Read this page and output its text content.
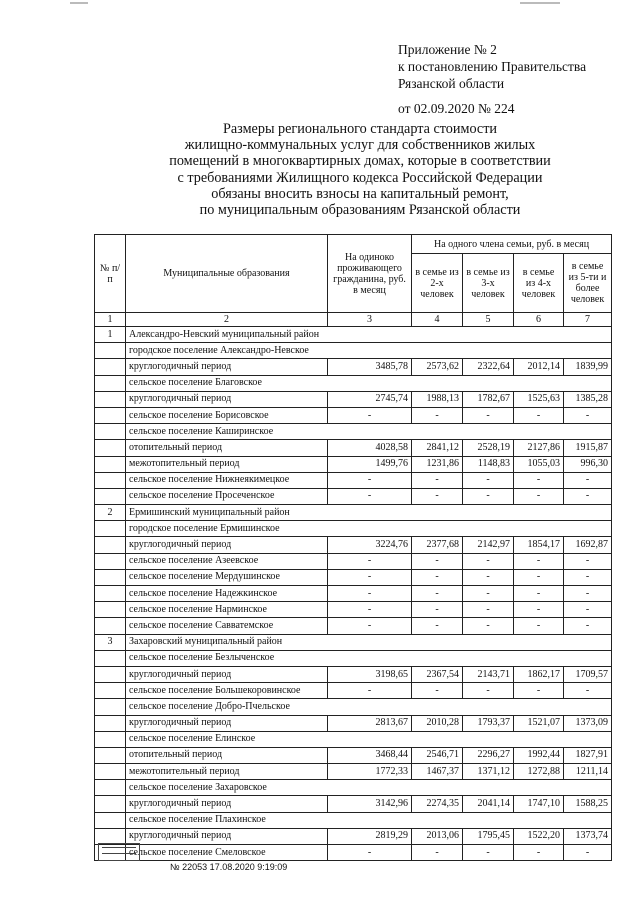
Приложение № 2
к постановлению Правительства
Рязанской области
от 02.09.2020 № 224
Размеры регионального стандарта стоимости
жилищно-коммунальных услуг для собственников жилых
помещений в многоквартирных домах, которые в соответствии
с требованиями Жилищного кодекса Российской Федерации
обязаны вносить взносы на капитальный ремонт,
по муниципальным образованиям Рязанской области
№ п/п	Муниципальные образования	На одиноко проживающего гражданина, руб. в месяц	На одного члена семьи, руб. в месяц			
			в семье из 2-х человек	в семье из 3-х человек	в семье из 4-х человек	в семье из 5-ти и более человек
1	2	3	4	5	6	7
1	Александро-Невский муниципальный район					
	городское поселение Александро-Невское					
	круглогодичный период	3485,78	2573,62	2322,64	2012,14	1839,99
	сельское поселение Благовское					
	круглогодичный период	2745,74	1988,13	1782,67	1525,63	1385,28
	сельское поселение Борисовское	-	-	-	-	-
	сельское поселение Каширинское					
	отопительный период	4028,58	2841,12	2528,19	2127,86	1915,87
	межотопительный период	1499,76	1231,86	1148,83	1055,03	996,30
	сельское поселение Нижнеякимецкое	-	-	-	-	-
	сельское поселение Просеченское	-	-	-	-	-
2	Ермишинский муниципальный район					
	городское поселение Ермишинское					
	круглогодичный период	3224,76	2377,68	2142,97	1854,17	1692,87
	сельское поселение Азеевское	-	-	-	-	-
	сельское поселение Мердушинское	-	-	-	-	-
	сельское поселение Надежкинское	-	-	-	-	-
	сельское поселение Нарминское	-	-	-	-	-
	сельское поселение Савватемское	-	-	-	-	-
3	Захаровский муниципальный район					
	сельское поселение Безлыченское					
	круглогодичный период	3198,65	2367,54	2143,71	1862,17	1709,57
	сельское поселение Большекоровинское	-	-	-	-	-
	сельское поселение Добро-Пчельское					
	круглогодичный период	2813,67	2010,28	1793,37	1521,07	1373,09
	сельское поселение Елинское					
	отопительный период	3468,44	2546,71	2296,27	1992,44	1827,91
	межотопительный период	1772,33	1467,37	1371,12	1272,88	1211,14
	сельское поселение Захаровское					
	круглогодичный период	3142,96	2274,35	2041,14	1747,10	1588,25
	сельское поселение Плахинское					
	круглогодичный период	2819,29	2013,06	1795,45	1522,20	1373,74
	сельское поселение Смеловское	-	-	-	-	-
№ 22053 17.08.2020 9:19:09
